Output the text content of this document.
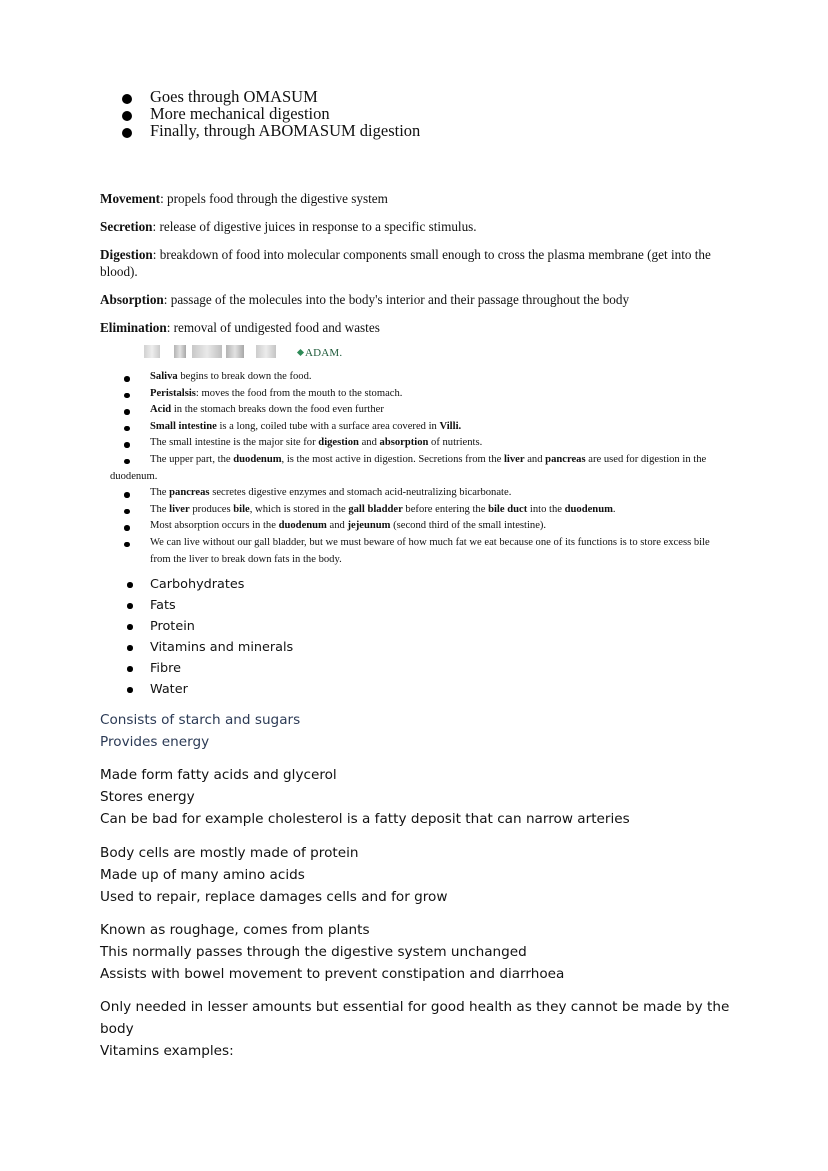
Goes through OMASUM
More mechanical digestion
Finally, through ABOMASUM digestion

Movement: propels food through the digestive system

Secretion: release of digestive juices in response to a specific stimulus.

Digestion: breakdown of food into molecular components small enough to cross the plasma membrane (get into the blood).

Absorption: passage of the molecules into the body's interior and their passage throughout the body

Elimination: removal of undigested food and wastes

ADAM.
Saliva begins to break down the food.
Peristalsis: moves the food from the mouth to the stomach.
Acid in the stomach breaks down the food even further
Small intestine is a long, coiled tube with a surface area covered in Villi.
The small intestine is the major site for digestion and absorption of nutrients.
The upper part, the duodenum, is the most active in digestion. Secretions from the liver and pancreas are used for digestion in the duodenum.
The pancreas secretes digestive enzymes and stomach acid-neutralizing bicarbonate.
The liver produces bile, which is stored in the gall bladder before entering the bile duct into the duodenum.
Most absorption occurs in the duodenum and jejeunum (second third of the small intestine).
We can live without our gall bladder, but we must beware of how much fat we eat because one of its functions is to store excess bile from the liver to break down fats in the body.
Carbohydrates
Fats
Protein
Vitamins and minerals
Fibre
Water
Consists of starch and sugars
Provides energy
Made form fatty acids and glycerol
Stores energy
Can be bad for example cholesterol is a fatty deposit that can narrow arteries
Body cells are mostly made of protein
Made up of many amino acids
Used to repair, replace damages cells and for grow
Known as roughage, comes from plants
This normally passes through the digestive system unchanged
Assists with bowel movement to prevent constipation and diarrhoea
Only needed in lesser amounts but essential for good health as they cannot be made by the body
Vitamins examples:
